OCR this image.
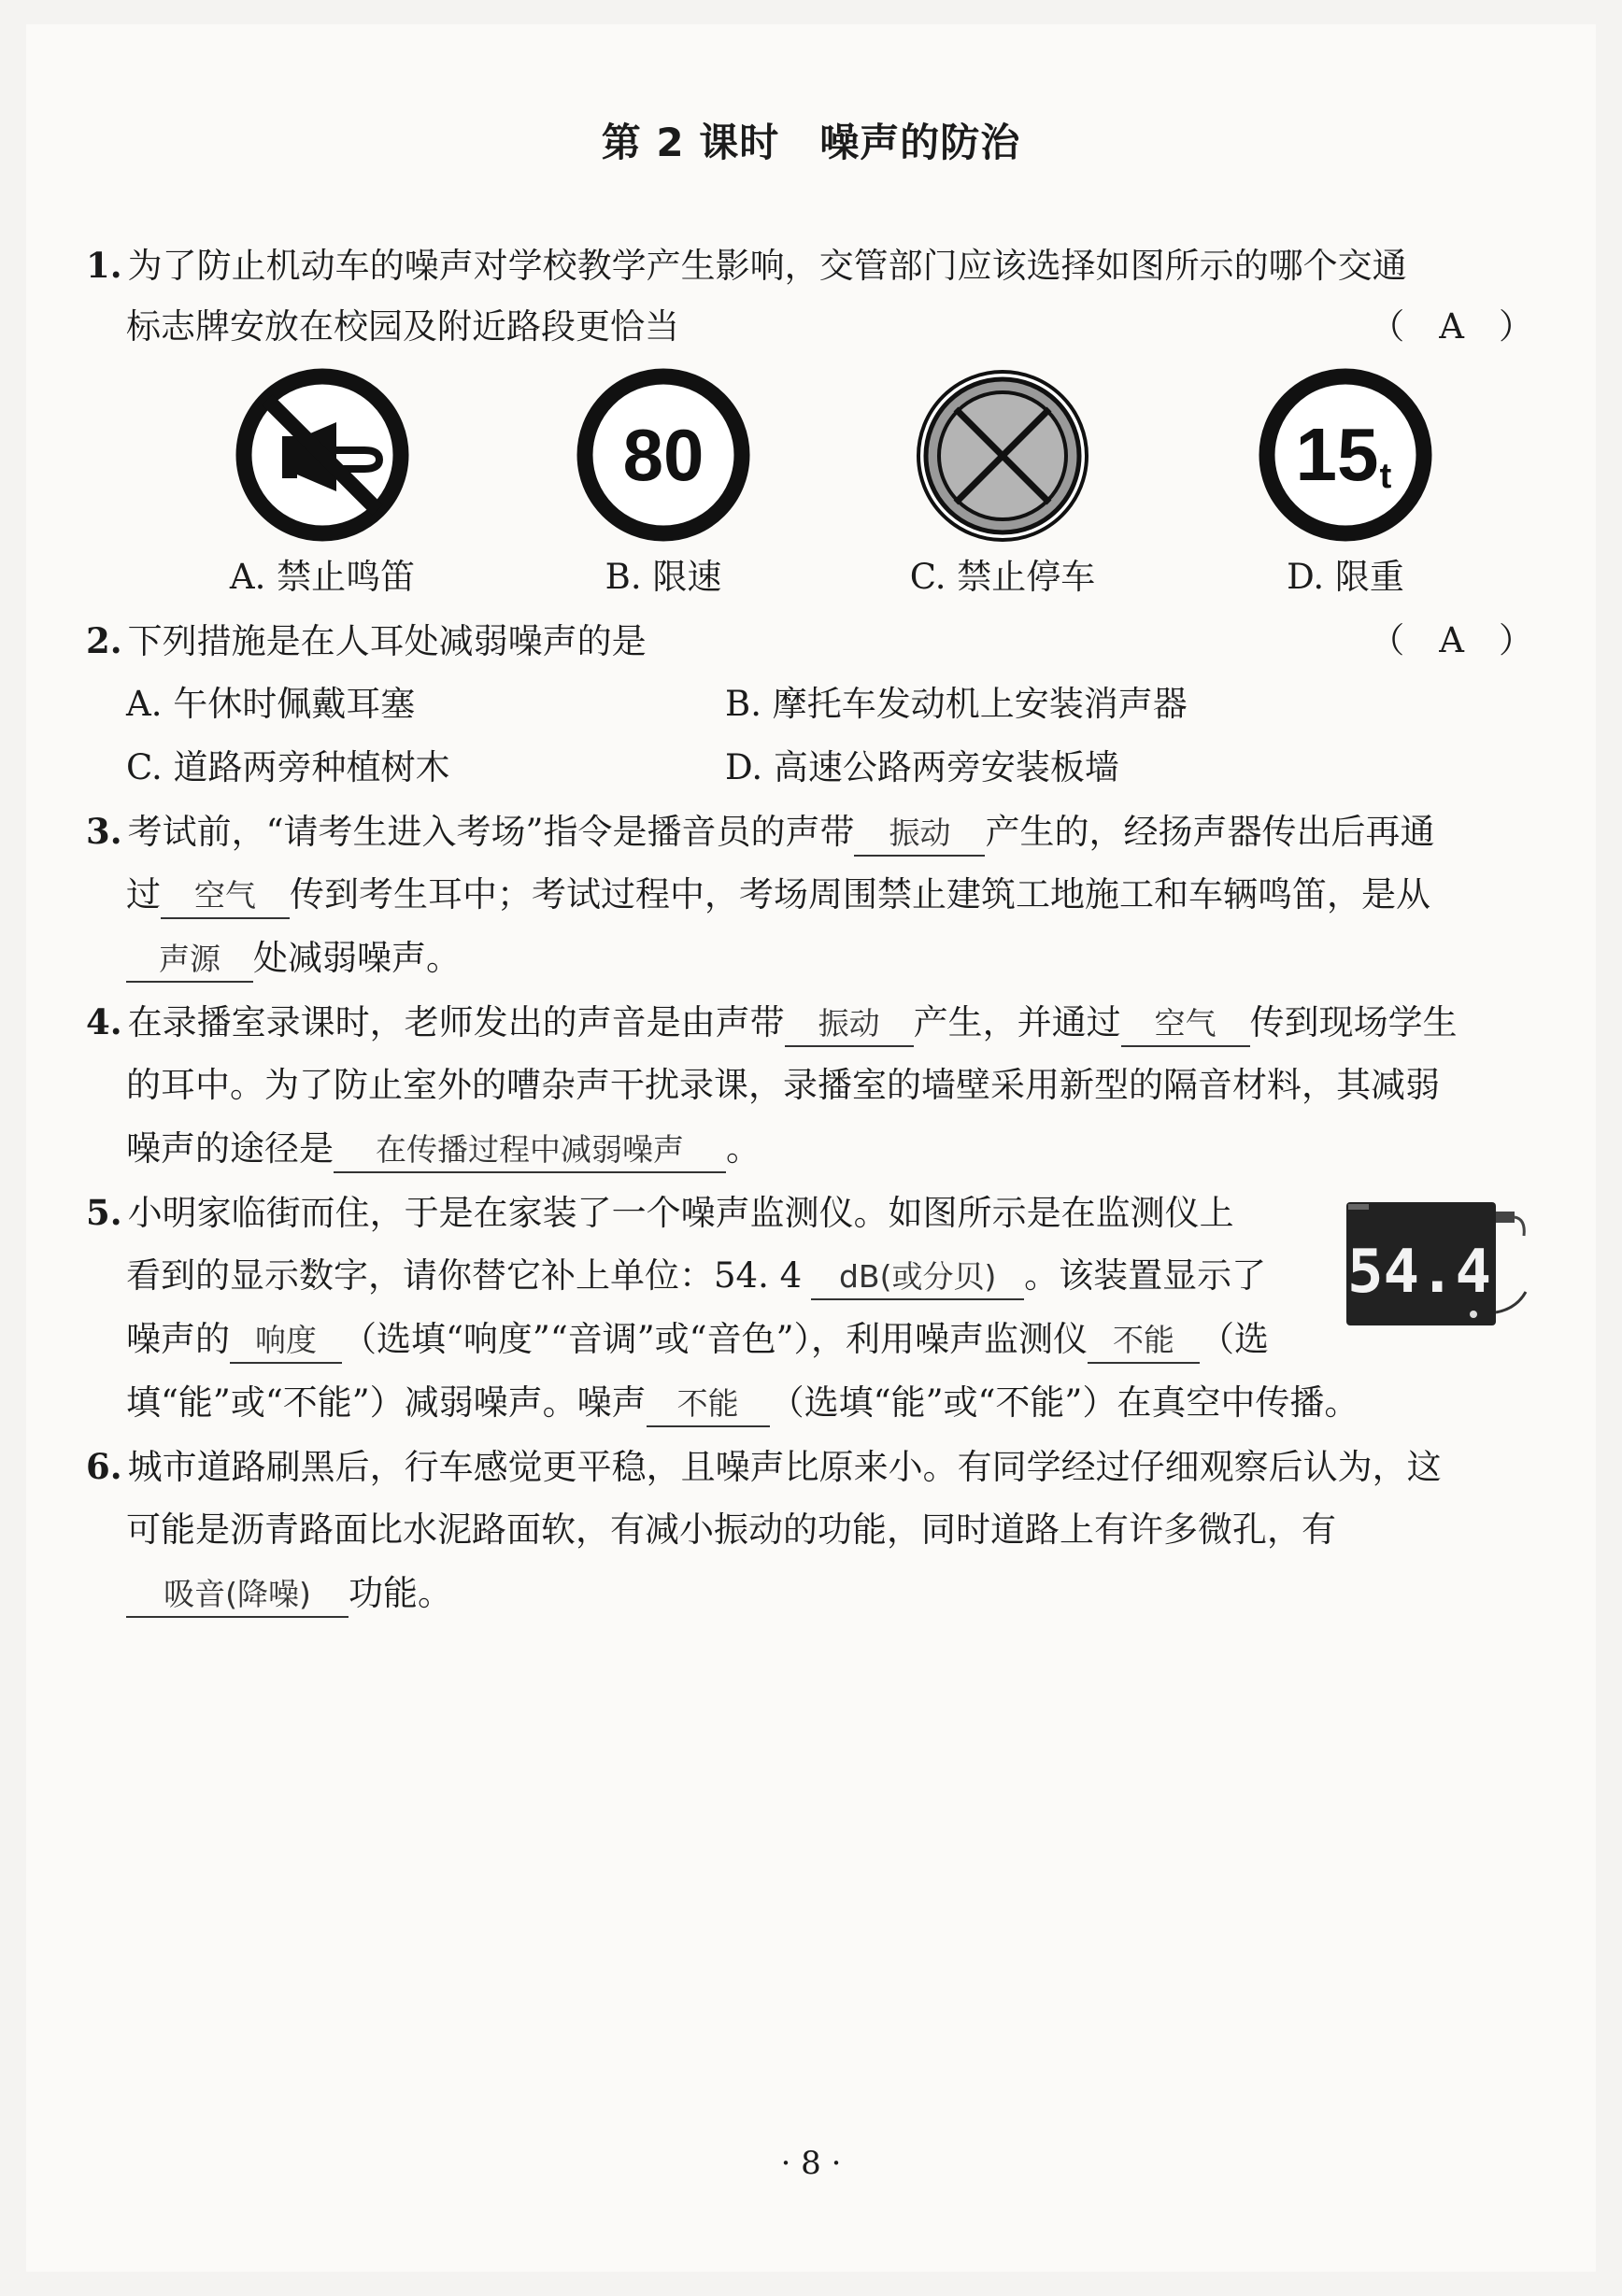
第 2 课时　噪声的防治
1. 为了防止机动车的噪声对学校教学产生影响，交管部门应该选择如图所示的哪个交通
标志牌安放在校园及附近路段更恰当	（　A　）
80	15 t
A. 禁止鸣笛	B. 限速	C. 禁止停车	D. 限重
2. 下列措施是在人耳处减弱噪声的是	（　A　）
A. 午休时佩戴耳塞	B. 摩托车发动机上安装消声器
C. 道路两旁种植树木	D. 高速公路两旁安装板墙
3. 考试前，“请考生进入考场”指令是播音员的声带 振动 产生的，经扬声器传出后再通
过 空气 传到考生耳中；考试过程中，考场周围禁止建筑工地施工和车辆鸣笛，是从
声源 处减弱噪声。
4. 在录播室录课时，老师发出的声音是由声带 振动 产生，并通过 空气 传到现场学生
的耳中。为了防止室外的嘈杂声干扰录课，录播室的墙壁采用新型的隔音材料，其减弱
噪声的途径是 在传播过程中减弱噪声 。
5. 小明家临街而住，于是在家装了一个噪声监测仪。如图所示是在监测仪上
看到的显示数字，请你替它补上单位：54. 4 dB(或分贝) 。该装置显示了
噪声的 响度 （选填“响度”“音调”或“音色”），利用噪声监测仪 不能 （选
填“能”或“不能”）减弱噪声。噪声 不能 （选填“能”或“不能”）在真空中传播。
54.4
6. 城市道路刷黑后，行车感觉更平稳，且噪声比原来小。有同学经过仔细观察后认为，这
可能是沥青路面比水泥路面软，有减小振动的功能，同时道路上有许多微孔，有
吸音(降噪) 功能。
· 8 ·
